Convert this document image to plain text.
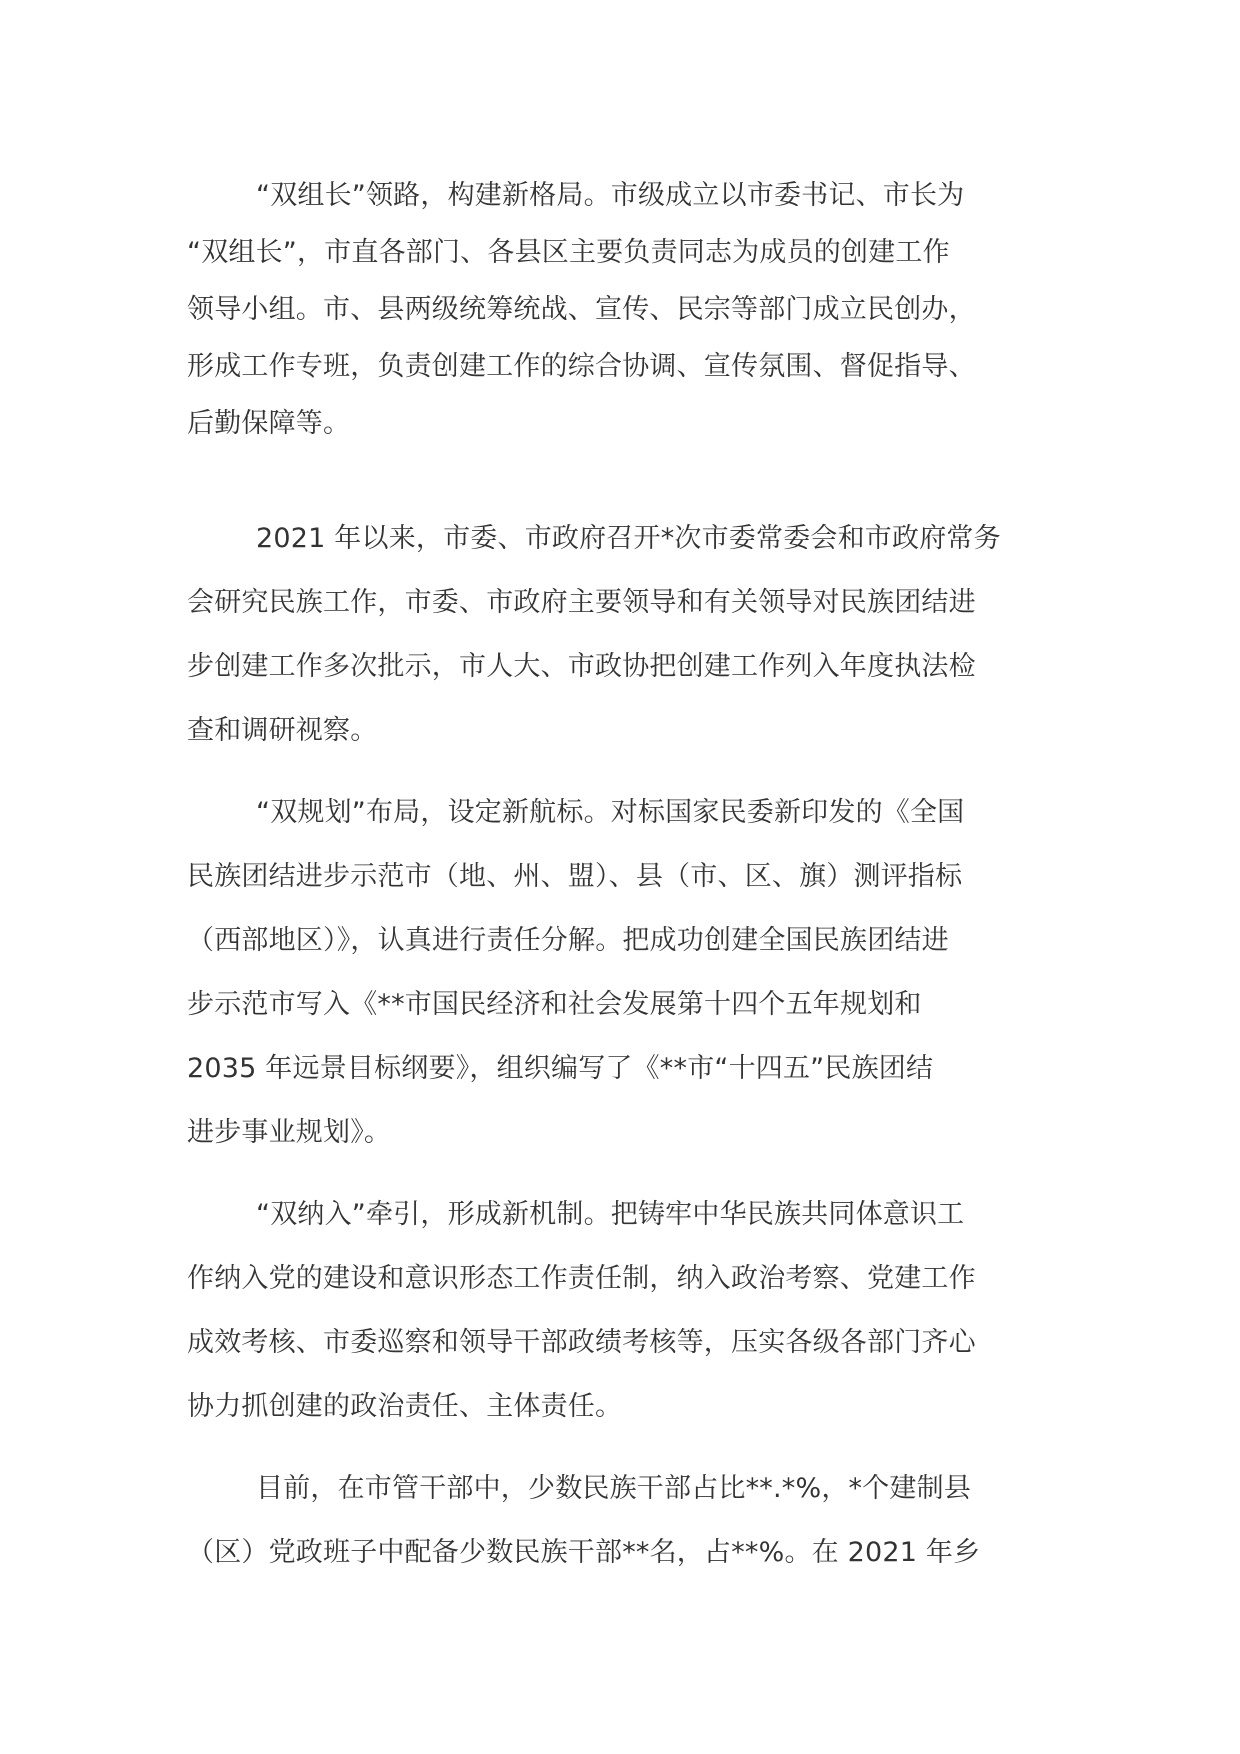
“双组长”领路，构建新格局。市级成立以市委书记、市长为

“双组长”，市直各部门、各县区主要负责同志为成员的创建工作

领导小组。市、县两级统筹统战、宣传、民宗等部门成立民创办，

形成工作专班，负责创建工作的综合协调、宣传氛围、督促指导、

后勤保障等。

2021 年以来，市委、市政府召开*次市委常委会和市政府常务

会研究民族工作，市委、市政府主要领导和有关领导对民族团结进

步创建工作多次批示，市人大、市政协把创建工作列入年度执法检

查和调研视察。

“双规划”布局，设定新航标。对标国家民委新印发的《全国

民族团结进步示范市（地、州、盟）、县（市、区、旗）测评指标

（西部地区）》，认真进行责任分解。把成功创建全国民族团结进

步示范市写入《**市国民经济和社会发展第十四个五年规划和

2035 年远景目标纲要》，组织编写了《**市“十四五”民族团结

进步事业规划》。

“双纳入”牵引，形成新机制。把铸牢中华民族共同体意识工

作纳入党的建设和意识形态工作责任制，纳入政治考察、党建工作

成效考核、市委巡察和领导干部政绩考核等，压实各级各部门齐心

协力抓创建的政治责任、主体责任。

目前，在市管干部中，少数民族干部占比**.*%，*个建制县

（区）党政班子中配备少数民族干部**名，占**%。在 2021 年乡
